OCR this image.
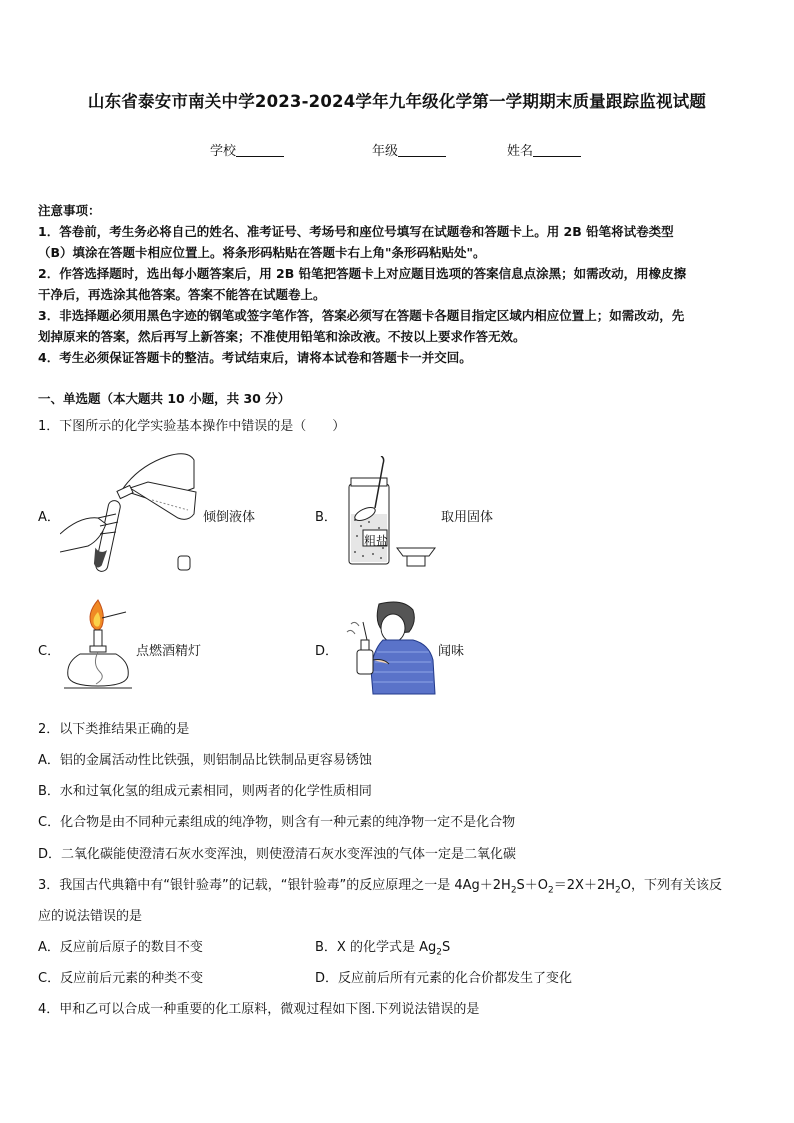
山东省泰安市南关中学2023-2024学年九年级化学第一学期期末质量跟踪监视试题
学校	年级	姓名
注意事项：
1．答卷前，考生务必将自己的姓名、准考证号、考场号和座位号填写在试题卷和答题卡上。用 2B 铅笔将试卷类型
（B）填涂在答题卡相应位置上。将条形码粘贴在答题卡右上角"条形码粘贴处"。
2．作答选择题时，选出每小题答案后，用 2B 铅笔把答题卡上对应题目选项的答案信息点涂黑；如需改动，用橡皮擦
干净后，再选涂其他答案。答案不能答在试题卷上。
3．非选择题必须用黑色字迹的钢笔或签字笔作答，答案必须写在答题卡各题目指定区域内相应位置上；如需改动，先
划掉原来的答案，然后再写上新答案；不准使用铅笔和涂改液。不按以上要求作答无效。
4．考生必须保证答题卡的整洁。考试结束后，请将本试卷和答题卡一并交回。
一、单选题（本大题共 10 小题，共 30 分）
1．下图所示的化学实验基本操作中错误的是（　　）
A．	倾倒液体	B．
粗盐
取用固体
C．	点燃酒精灯	D．	闻味
2．以下类推结果正确的是
A．铝的金属活动性比铁强，则铝制品比铁制品更容易锈蚀
B．水和过氧化氢的组成元素相同，则两者的化学性质相同
C．化合物是由不同种元素组成的纯净物，则含有一种元素的纯净物一定不是化合物
D．二氧化碳能使澄清石灰水变浑浊，则使澄清石灰水变浑浊的气体一定是二氧化碳
3．我国古代典籍中有“银针验毒”的记载，“银针验毒”的反应原理之一是 $4Ag+2H_2S+O_2=2X+2H_2O$，下列有关该反
应的说法错误的是
A．反应前后原子的数目不变	B．X 的化学式是 $Ag_2S$
C．反应前后元素的种类不变	D．反应前后所有元素的化合价都发生了变化
4．甲和乙可以合成一种重要的化工原料，微观过程如下图.下列说法错误的是
